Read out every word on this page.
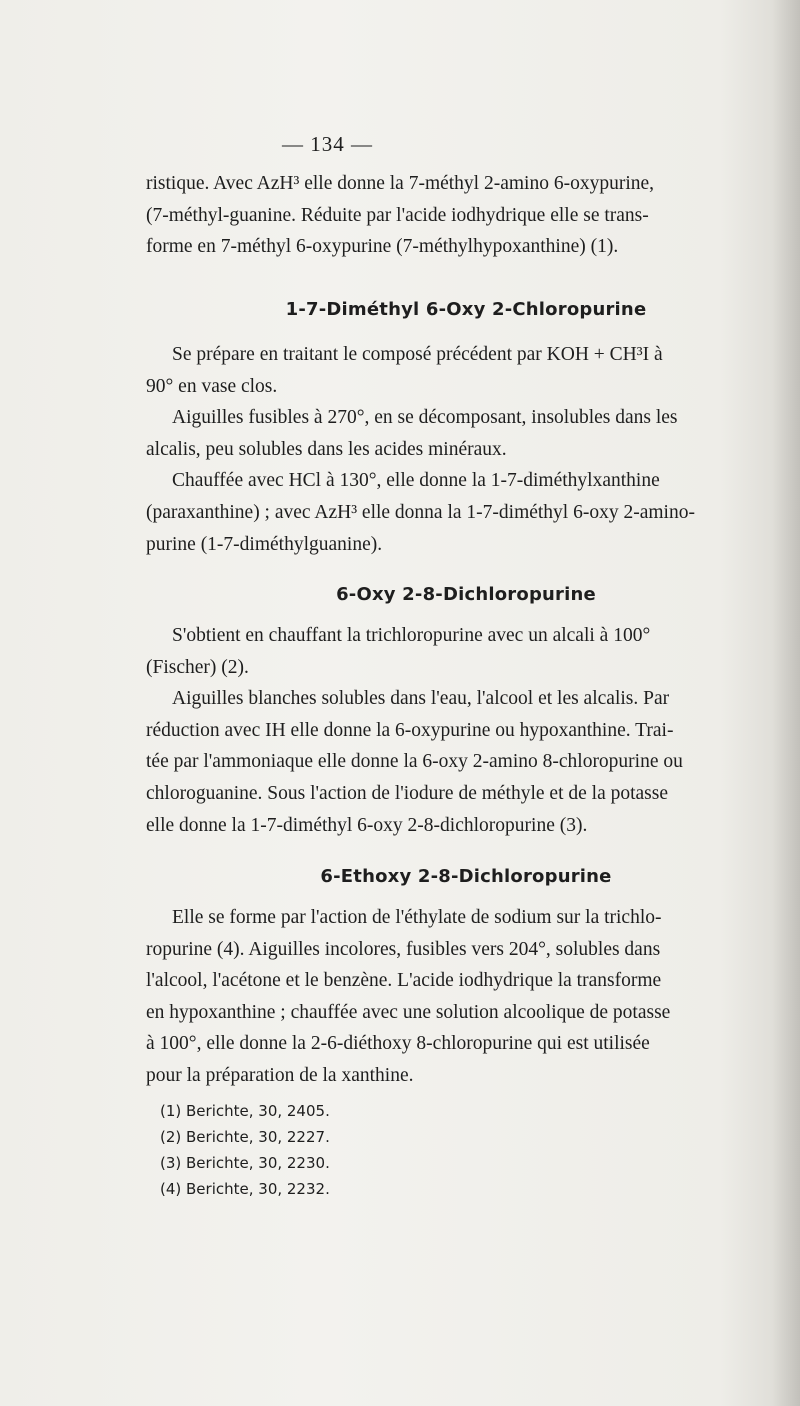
— 134 —

ristique. Avec AzH³ elle donne la 7-méthyl 2-amino 6-oxypurine,
(7-méthyl-guanine. Réduite par l'acide iodhydrique elle se trans-
forme en 7-méthyl 6-oxypurine (7-méthylhypoxanthine) (1).

1-7-Diméthyl 6-Oxy 2-Chloropurine

Se prépare en traitant le composé précédent par KOH + CH³I à
90° en vase clos.

Aiguilles fusibles à 270°, en se décomposant, insolubles dans les
alcalis, peu solubles dans les acides minéraux.

Chauffée avec HCl à 130°, elle donne la 1-7-diméthylxanthine
(paraxanthine) ; avec AzH³ elle donna la 1-7-diméthyl 6-oxy 2-amino-
purine (1-7-diméthylguanine).

6-Oxy 2-8-Dichloropurine

S'obtient en chauffant la trichloropurine avec un alcali à 100°
(Fischer) (2).

Aiguilles blanches solubles dans l'eau, l'alcool et les alcalis. Par
réduction avec IH elle donne la 6-oxypurine ou hypoxanthine. Trai-
tée par l'ammoniaque elle donne la 6-oxy 2-amino 8-chloropurine ou
chloroguanine. Sous l'action de l'iodure de méthyle et de la potasse
elle donne la 1-7-diméthyl 6-oxy 2-8-dichloropurine (3).

6-Ethoxy 2-8-Dichloropurine

Elle se forme par l'action de l'éthylate de sodium sur la trichlo-
ropurine (4). Aiguilles incolores, fusibles vers 204°, solubles dans
l'alcool, l'acétone et le benzène. L'acide iodhydrique la transforme
en hypoxanthine ; chauffée avec une solution alcoolique de potasse
à 100°, elle donne la 2-6-diéthoxy 8-chloropurine qui est utilisée
pour la préparation de la xanthine.

(1) Berichte, 30, 2405.
(2) Berichte, 30, 2227.
(3) Berichte, 30, 2230.
(4) Berichte, 30, 2232.
